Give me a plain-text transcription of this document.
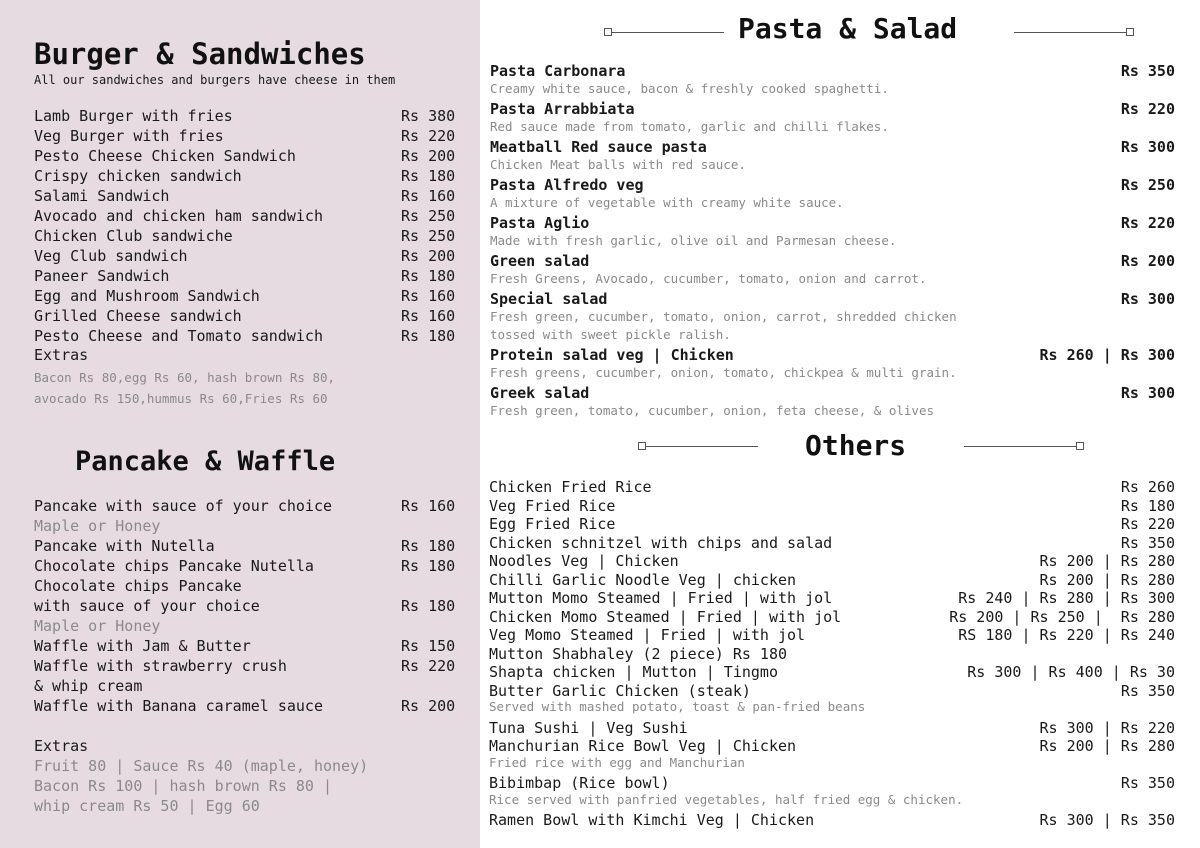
Burger & Sandwiches
All our sandwiches and burgers have cheese in them
Lamb Burger with fries	Rs 380
Veg Burger with fries	Rs 220
Pesto Cheese Chicken Sandwich	Rs 200
Crispy chicken sandwich	Rs 180
Salami Sandwich	Rs 160
Avocado and chicken ham sandwich	Rs 250
Chicken Club sandwiche	Rs 250
Veg Club sandwich	Rs 200
Paneer Sandwich	Rs 180
Egg and Mushroom Sandwich	Rs 160
Grilled Cheese sandwich	Rs 160
Pesto Cheese and Tomato sandwich	Rs 180
Extras
Bacon Rs 80,egg Rs 60, hash brown Rs 80,
avocado Rs 150,hummus Rs 60,Fries Rs 60
Pancake & Waffle
Pancake with sauce of your choice	Rs 160
Maple or Honey
Pancake with Nutella	Rs 180
Chocolate chips Pancake Nutella	Rs 180
Chocolate chips Pancake
with sauce of your choice	Rs 180
Maple or Honey
Waffle with Jam & Butter	Rs 150
Waffle with strawberry crush	Rs 220
& whip cream
Waffle with Banana caramel sauce	Rs 200
Extras
Fruit 80 | Sauce Rs 40 (maple, honey)
Bacon Rs 100 | hash brown Rs 80 |
whip cream Rs 50 | Egg 60
Pasta & Salad
Pasta Carbonara	Rs 350
Creamy white sauce, bacon & freshly cooked spaghetti.
Pasta Arrabbiata	Rs 220
Red sauce made from tomato, garlic and chilli flakes.
Meatball Red sauce pasta	Rs 300
Chicken Meat balls with red sauce.
Pasta Alfredo veg	Rs 250
A mixture of vegetable with creamy white sauce.
Pasta Aglio	Rs 220
Made with fresh garlic, olive oil and Parmesan cheese.
Green salad	Rs 200
Fresh Greens, Avocado, cucumber, tomato, onion and carrot.
Special salad	Rs 300
Fresh green, cucumber, tomato, onion, carrot, shredded chicken
tossed with sweet pickle ralish.
Protein salad veg | Chicken	Rs 260 | Rs 300
Fresh greens, cucumber, onion, tomato, chickpea & multi grain.
Greek salad	Rs 300
Fresh green, tomato, cucumber, onion, feta cheese, & olives
Others
Chicken Fried Rice	Rs 260
Veg Fried Rice	Rs 180
Egg Fried Rice	Rs 220
Chicken schnitzel with chips and salad	Rs 350
Noodles Veg | Chicken	Rs 200 | Rs 280
Chilli Garlic Noodle Veg | chicken	Rs 200 | Rs 280
Mutton Momo Steamed | Fried | with jol	Rs 240 | Rs 280 | Rs 300
Chicken Momo Steamed | Fried | with jol	Rs 200 | Rs 250 |  Rs 280
Veg Momo Steamed | Fried | with jol	RS 180 | Rs 220 | Rs 240
Mutton Shabhaley (2 piece) Rs 180
Shapta chicken | Mutton | Tingmo	Rs 300 | Rs 400 | Rs 30
Butter Garlic Chicken (steak)	Rs 350
Served with mashed potato, toast & pan-fried beans
Tuna Sushi | Veg Sushi	Rs 300 | Rs 220
Manchurian Rice Bowl Veg | Chicken	Rs 200 | Rs 280
Fried rice with egg and Manchurian
Bibimbap (Rice bowl)	Rs 350
Rice served with panfried vegetables, half fried egg & chicken.
Ramen Bowl with Kimchi Veg | Chicken	Rs 300 | Rs 350
